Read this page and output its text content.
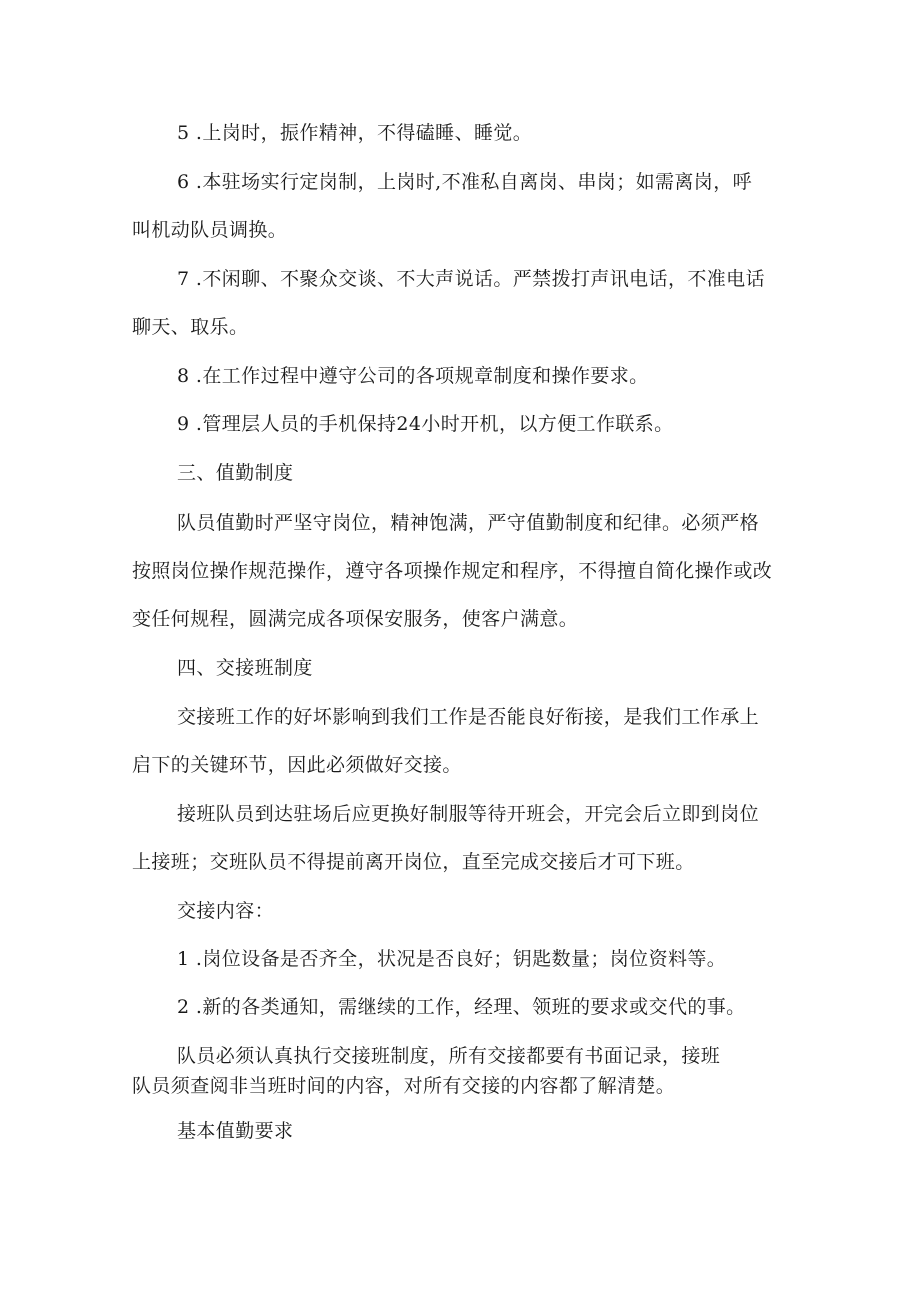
5 .上岗时，振作精神，不得磕睡、睡觉。
6 .本驻场实行定岗制，上岗时,不准私自离岗、串岗；如需离岗，呼
叫机动队员调换。
7 .不闲聊、不聚众交谈、不大声说话。严禁拨打声讯电话，不准电话
聊天、取乐。
8 .在工作过程中遵守公司的各项规章制度和操作要求。
9 .管理层人员的手机保持24小时开机，以方便工作联系。
三、值勤制度
队员值勤时严坚守岗位，精神饱满，严守值勤制度和纪律。必须严格
按照岗位操作规范操作，遵守各项操作规定和程序，不得擅自简化操作或改
变任何规程，圆满完成各项保安服务，使客户满意。
四、交接班制度
交接班工作的好坏影响到我们工作是否能良好衔接，是我们工作承上
启下的关键环节，因此必须做好交接。
接班队员到达驻场后应更换好制服等待开班会，开完会后立即到岗位
上接班；交班队员不得提前离开岗位，直至完成交接后才可下班。
交接内容：
1 .岗位设备是否齐全，状况是否良好；钥匙数量；岗位资料等。
2 .新的各类通知，需继续的工作，经理、领班的要求或交代的事。
队员必须认真执行交接班制度，所有交接都要有书面记录，接班
队员须查阅非当班时间的内容，对所有交接的内容都了解清楚。
基本值勤要求
